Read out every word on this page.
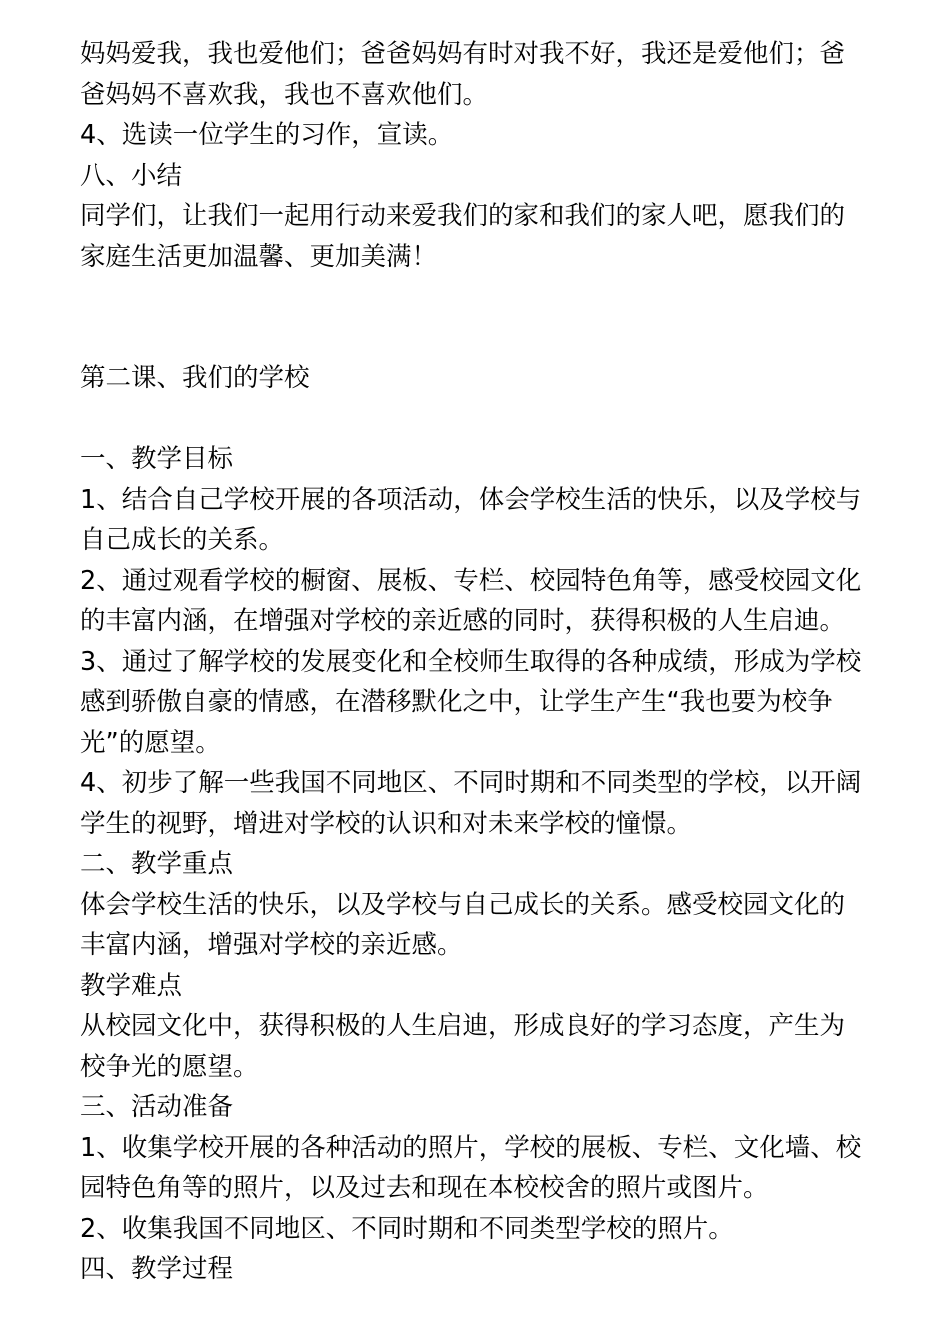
妈妈爱我，我也爱他们；爸爸妈妈有时对我不好，我还是爱他们；爸爸妈妈不喜欢我，我也不喜欢他们。

4、选读一位学生的习作，宣读。

八、小结

同学们，让我们一起用行动来爱我们的家和我们的家人吧，愿我们的家庭生活更加温馨、更加美满！

第二课、我们的学校

一、教学目标

1、结合自己学校开展的各项活动，体会学校生活的快乐，以及学校与自己成长的关系。

2、通过观看学校的橱窗、展板、专栏、校园特色角等，感受校园文化的丰富内涵，在增强对学校的亲近感的同时，获得积极的人生启迪。

3、通过了解学校的发展变化和全校师生取得的各种成绩，形成为学校感到骄傲自豪的情感，在潜移默化之中，让学生产生“我也要为校争光”的愿望。

4、初步了解一些我国不同地区、不同时期和不同类型的学校，以开阔学生的视野，增进对学校的认识和对未来学校的憧憬。

二、教学重点

体会学校生活的快乐，以及学校与自己成长的关系。感受校园文化的丰富内涵，增强对学校的亲近感。

教学难点

从校园文化中，获得积极的人生启迪，形成良好的学习态度，产生为校争光的愿望。

三、活动准备

1、收集学校开展的各种活动的照片，学校的展板、专栏、文化墙、校园特色角等的照片，以及过去和现在本校校舍的照片或图片。

2、收集我国不同地区、不同时期和不同类型学校的照片。

四、教学过程
